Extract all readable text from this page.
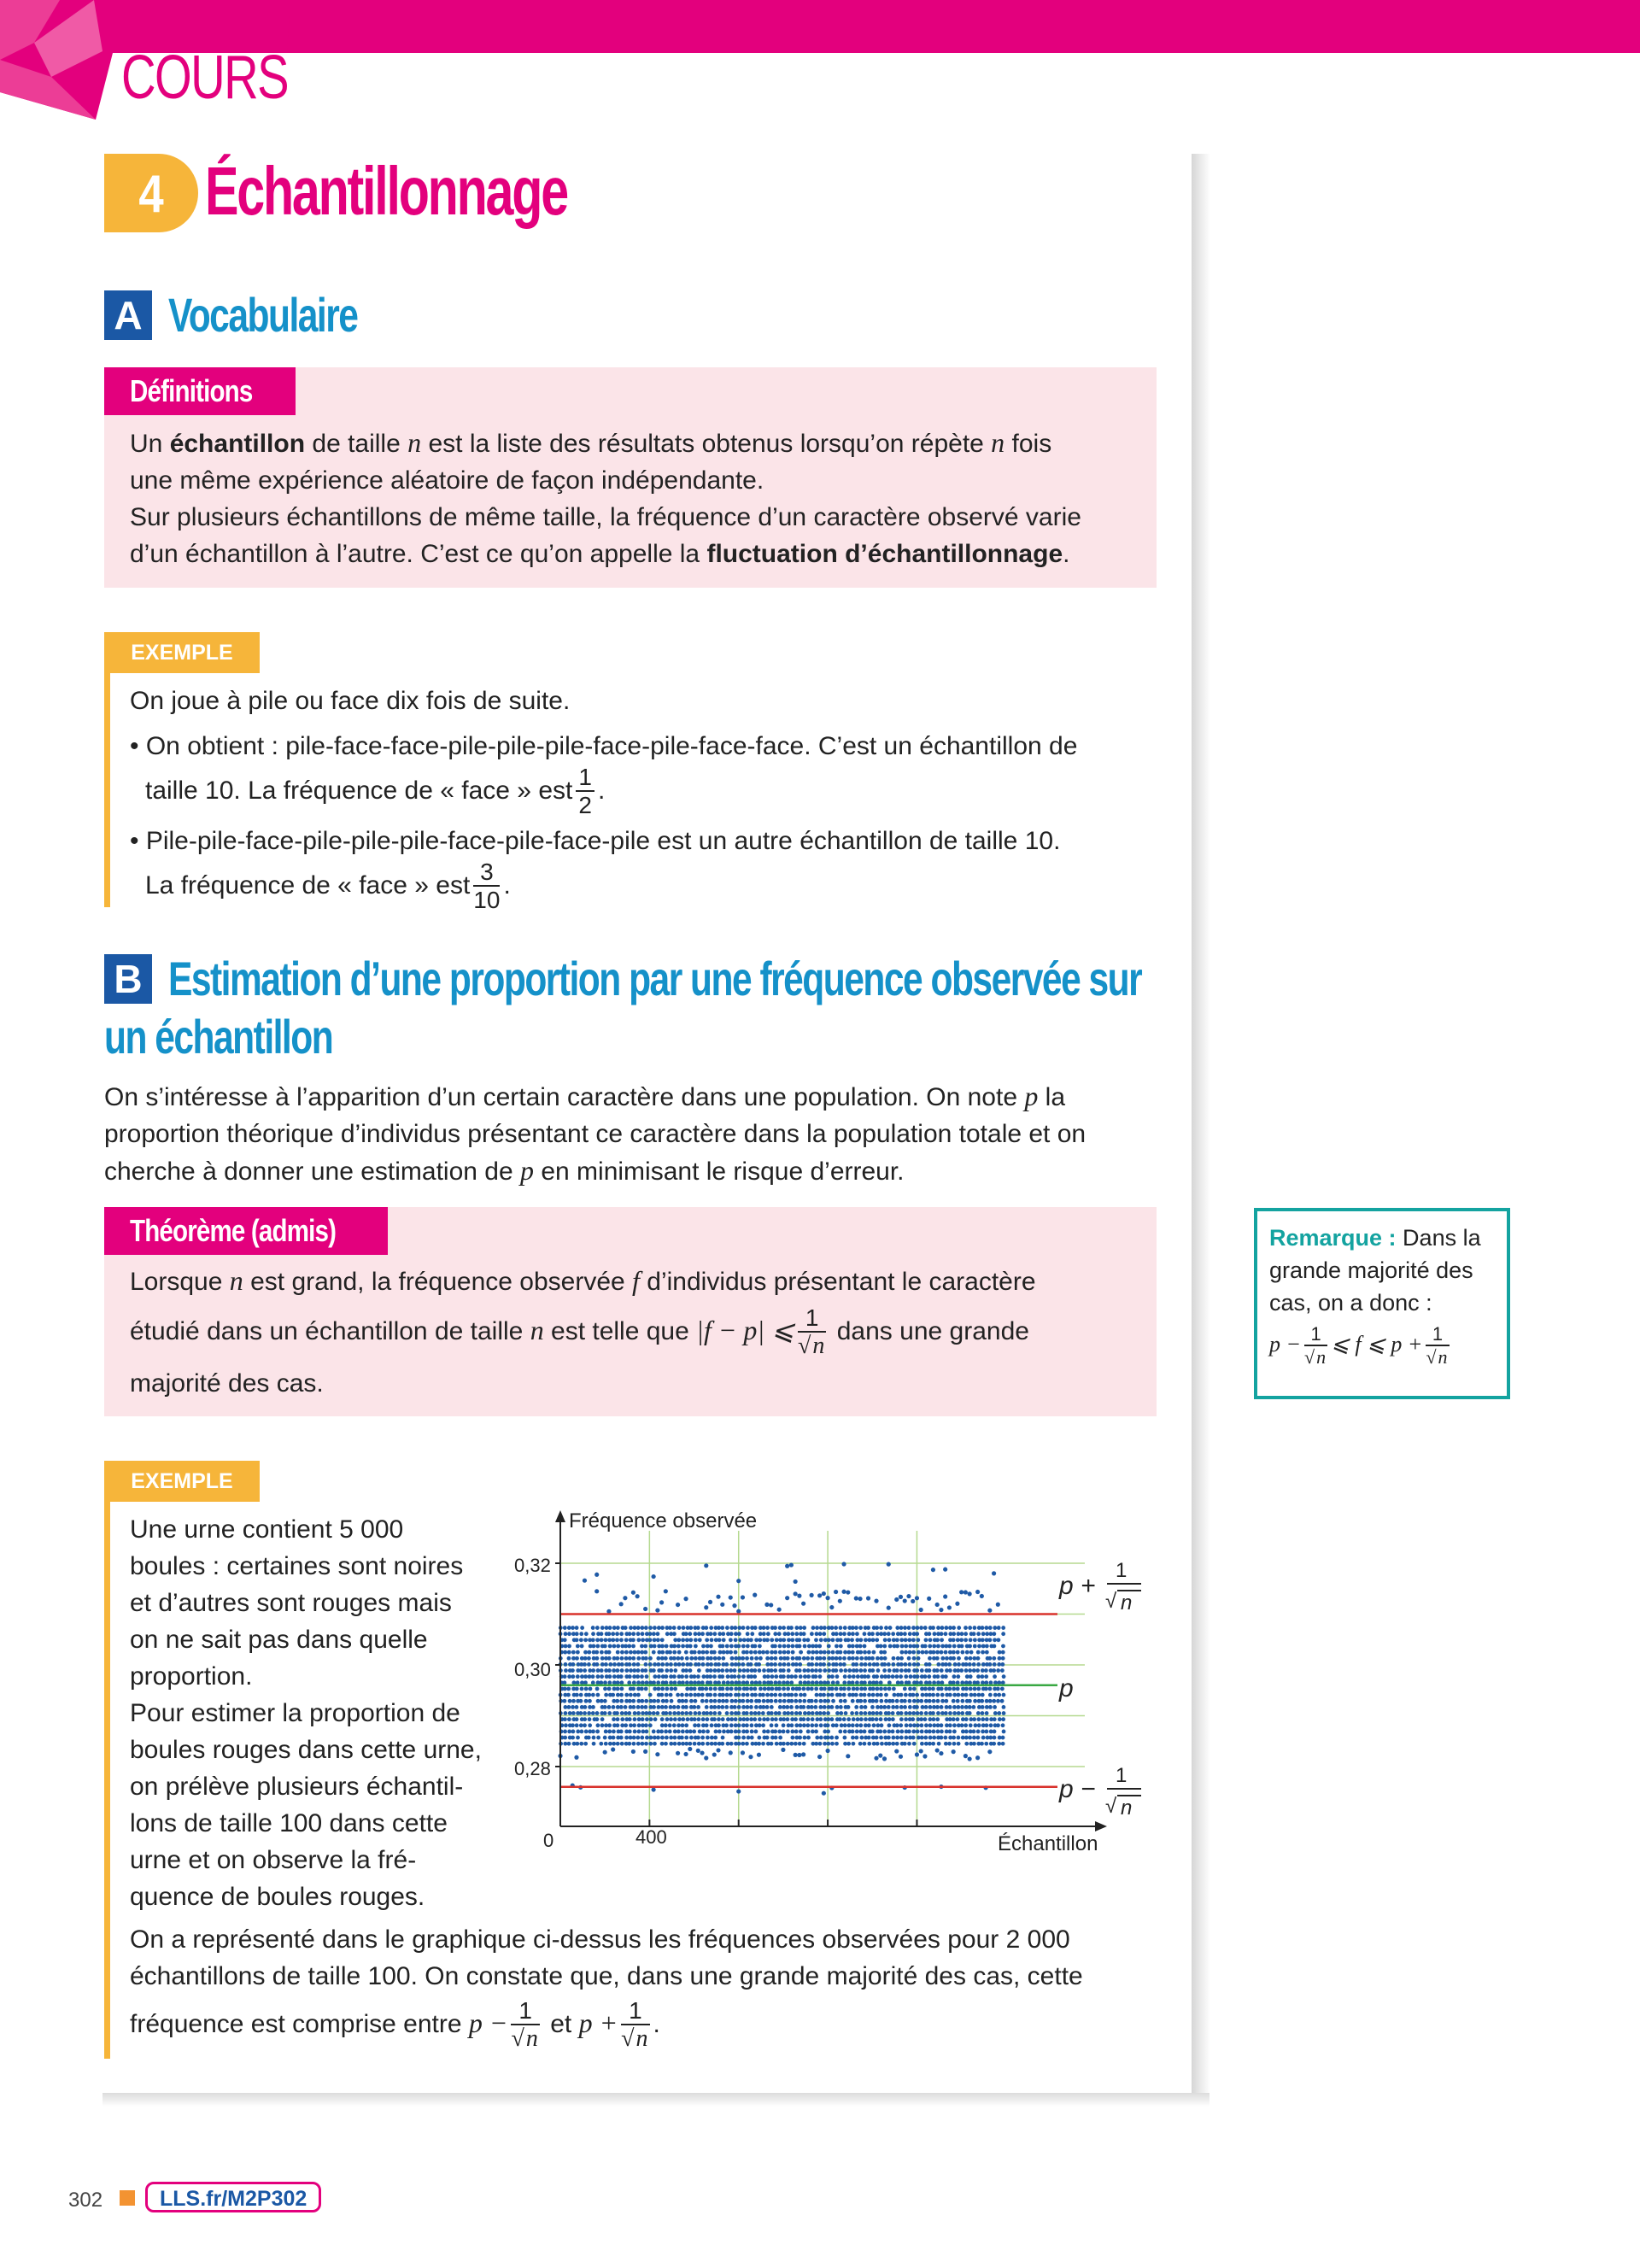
COURS
4 Échantillonnage
A Vocabulaire
Définitions
Un échantillon de taille n est la liste des résultats obtenus lorsqu’on répète n fois
une même expérience aléatoire de façon indépendante.
Sur plusieurs échantillons de même taille, la fréquence d’un caractère observé varie
d’un échantillon à l’autre. C’est ce qu’on appelle la fluctuation d’échantillonnage.
EXEMPLE
On joue à pile ou face dix fois de suite.
• On obtient : pile-face-face-pile-pile-pile-face-pile-face-face. C’est un échantillon de
taille 10. La fréquence de « face » est $\frac{1}{2}$ .
• Pile-pile-face-pile-pile-pile-face-pile-face-pile est un autre échantillon de taille 10.
La fréquence de « face » est $\frac{3}{10}$ .
B Estimation d’une proportion par une fréquence observée sur
un échantillon
On s’intéresse à l’apparition d’un certain caractère dans une population. On note p la
proportion théorique d’individus présentant ce caractère dans la population totale et on
cherche à donner une estimation de p en minimisant le risque d’erreur.
Théorème (admis)
Lorsque n est grand, la fréquence observée f d’individus présentant le caractère
étudié dans un échantillon de taille n est telle que |f − p| ⩽ $\frac{1}{√n}$ dans une grande
majorité des cas.
Remarque : Dans la
grande majorité des
cas, on a donc :
$p - \frac{1}{√n}$ ⩽ f ⩽ $p + \frac{1}{√n}$
EXEMPLE
Une urne contient 5 000
boules : certaines sont noires
et d’autres sont rouges mais
on ne sait pas dans quelle
proportion.
Pour estimer la proportion de
boules rouges dans cette urne,
on prélève plusieurs échantil-
lons de taille 100 dans cette
urne et on observe la fré-
quence de boules rouges.
Fréquence observée
Échantillon
0	400
0,28
0,30
0,32
p +
1
√ n
p
p − 1
√ n
On a représenté dans le graphique ci-dessus les fréquences observées pour 2 000
échantillons de taille 100. On constate que, dans une grande majorité des cas, cette
fréquence est comprise entre $p - \frac{1}{√n}$ et $p + \frac{1}{√n}$ .
302	LLS.fr/M2P302
